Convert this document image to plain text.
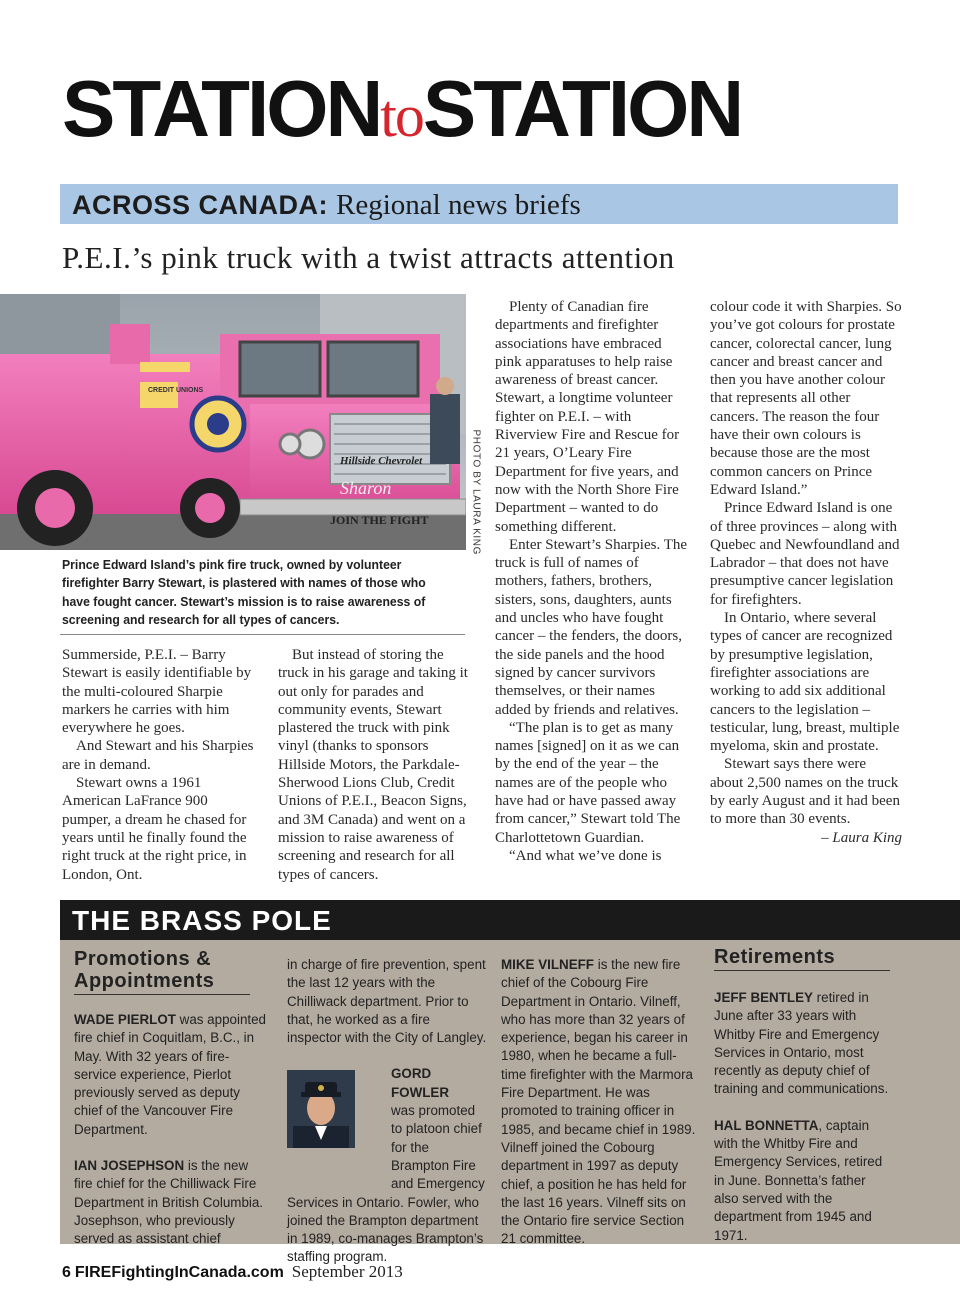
STATIONtoSTATION
ACROSS CANADA: Regional news briefs
P.E.I.’s pink truck with a twist attracts attention
CREDIT UNIONS
Hillside Chevrolet
Sharon
JOIN THE FIGHT	PHOTO BY LAURA KING
Prince Edward Island’s pink fire truck, owned by volunteer firefighter Barry Stewart, is plastered with names of those who have fought cancer. Stewart’s mission is to raise awareness of screening and research for all types of cancers.

Summerside, P.E.I. – Barry Stewart is easily identifiable by the multi-coloured Sharpie markers he carries with him everywhere he goes.

And Stewart and his Sharpies are in demand.

Stewart owns a 1961 American LaFrance 900 pumper, a dream he chased for years until he finally found the right truck at the right price, in London, Ont.

But instead of storing the truck in his garage and taking it out only for parades and community events, Stewart plastered the truck with pink vinyl (thanks to sponsors Hillside Motors, the Parkdale-Sherwood Lions Club, Credit Unions of P.E.I., Beacon Signs, and 3M Canada) and went on a mission to raise awareness of screening and research for all types of cancers.

Plenty of Canadian fire departments and firefighter associations have embraced pink apparatuses to help raise awareness of breast cancer. Stewart, a longtime volunteer fighter on P.E.I. – with Riverview Fire and Rescue for 21 years, O’Leary Fire Department for five years, and now with the North Shore Fire Department – wanted to do something different.

Enter Stewart’s Sharpies. The truck is full of names of mothers, fathers, brothers, sisters, sons, daughters, aunts and uncles who have fought cancer – the fenders, the doors, the side panels and the hood signed by cancer survivors themselves, or their names added by friends and relatives.

“The plan is to get as many names [signed] on it as we can by the end of the year – the names are of the people who have had or have passed away from cancer,” Stewart told The Charlottetown Guardian.

“And what we’ve done is

colour code it with Sharpies. So you’ve got colours for prostate cancer, colorectal cancer, lung cancer and breast cancer and then you have another colour that represents all other cancers. The reason the four have their own colours is because those are the most common cancers on Prince Edward Island.”

Prince Edward Island is one of three provinces – along with Quebec and Newfoundland and Labrador – that does not have presumptive cancer legislation for firefighters.

In Ontario, where several types of cancer are recognized by presumptive legislation, firefighter associations are working to add six additional cancers to the legislation – testicular, lung, breast, multiple myeloma, skin and prostate.

Stewart says there were about 2,500 names on the truck by early August and it had been to more than 30 events.

– Laura King

THE BRASS POLE
Promotions & Appointments

WADE PIERLOT was appointed fire chief in Coquitlam, B.C., in May. With 32 years of fire-service experience, Pierlot previously served as deputy chief of the Vancouver Fire Department.

IAN JOSEPHSON is the new fire chief for the Chilliwack Fire Department in British Columbia. Josephson, who previously served as assistant chief

in charge of fire prevention, spent the last 12 years with the Chilliwack department. Prior to that, he worked as a fire inspector with the City of Langley.

GORD FOWLER

was promoted to platoon chief for the Brampton Fire and Emergency

Services in Ontario. Fowler, who joined the Brampton department in 1989, co-manages Brampton’s staffing program.

MIKE VILNEFF is the new fire chief of the Cobourg Fire Department in Ontario. Vilneff, who has more than 32 years of experience, began his career in 1980, when he became a full-time firefighter with the Marmora Fire Department. He was promoted to training officer in 1985, and became chief in 1989. Vilneff joined the Cobourg department in 1997 as deputy chief, a position he has held for the last 16 years. Vilneff sits on the Ontario fire service Section 21 committee.

Retirements

JEFF BENTLEY retired in June after 33 years with Whitby Fire and Emergency Services in Ontario, most recently as deputy chief of training and communications.

HAL BONNETTA, captain with the Whitby Fire and Emergency Services, retired in June. Bonnetta’s father also served with the department from 1945 and 1971.

6 FIREFightingInCanada.com September 2013
